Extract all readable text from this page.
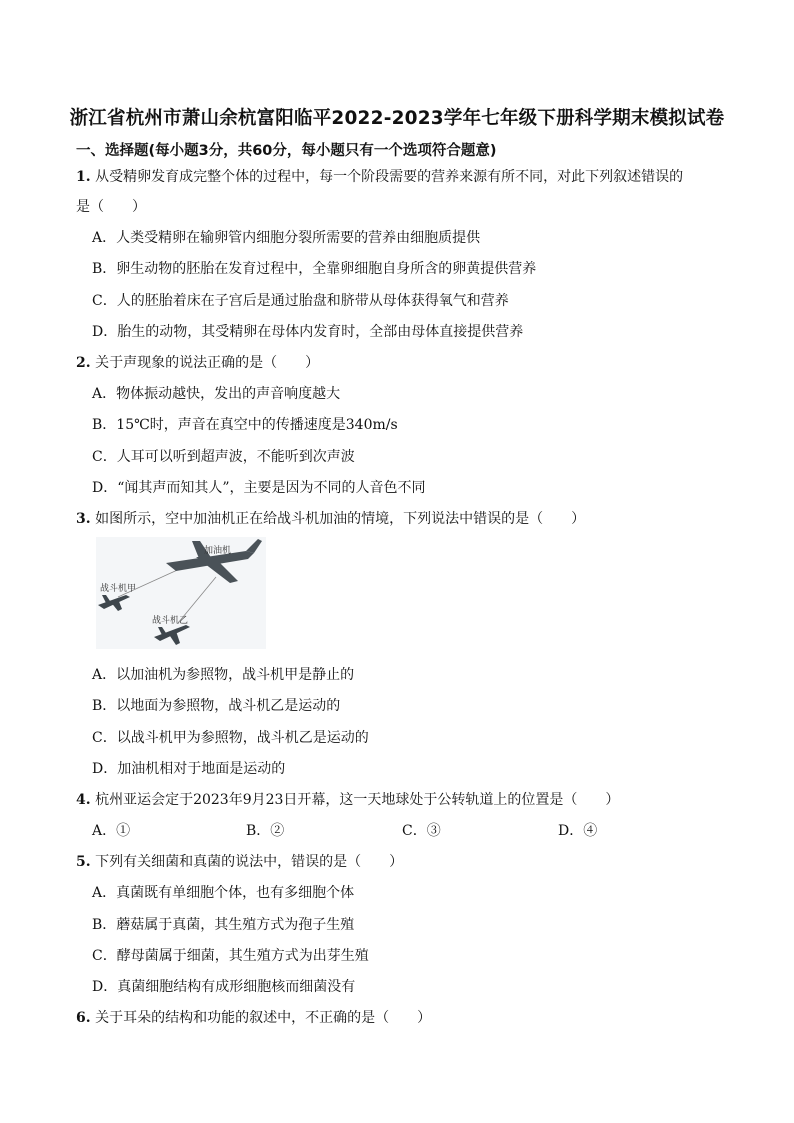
浙江省杭州市萧山余杭富阳临平2022-2023学年七年级下册科学期末模拟试卷
一、选择题(每小题3分，共60分，每小题只有一个选项符合题意)
1. 从受精卵发育成完整个体的过程中，每一个阶段需要的营养来源有所不同，对此下列叙述错误的
是（　　）
A．人类受精卵在输卵管内细胞分裂所需要的营养由细胞质提供
B．卵生动物的胚胎在发育过程中，全靠卵细胞自身所含的卵黄提供营养
C．人的胚胎着床在子宫后是通过胎盘和脐带从母体获得氧气和营养
D．胎生的动物，其受精卵在母体内发育时，全部由母体直接提供营养
2. 关于声现象的说法正确的是（　　）
A．物体振动越快，发出的声音响度越大
B．15℃时，声音在真空中的传播速度是340m/s
C．人耳可以听到超声波，不能听到次声波
D．“闻其声而知其人”，主要是因为不同的人音色不同
3. 如图所示，空中加油机正在给战斗机加油的情境，下列说法中错误的是（　　）
加油机
战斗机甲
战斗机乙
A．以加油机为参照物，战斗机甲是静止的
B．以地面为参照物，战斗机乙是运动的
C．以战斗机甲为参照物，战斗机乙是运动的
D．加油机相对于地面是运动的
4. 杭州亚运会定于2023年9月23日开幕，这一天地球处于公转轨道上的位置是（　　）
A．①	B．②	C．③	D．④
5. 下列有关细菌和真菌的说法中，错误的是（　　）
A．真菌既有单细胞个体，也有多细胞个体
B．蘑菇属于真菌，其生殖方式为孢子生殖
C．酵母菌属于细菌，其生殖方式为出芽生殖
D．真菌细胞结构有成形细胞核而细菌没有
6. 关于耳朵的结构和功能的叙述中，不正确的是（　　）
